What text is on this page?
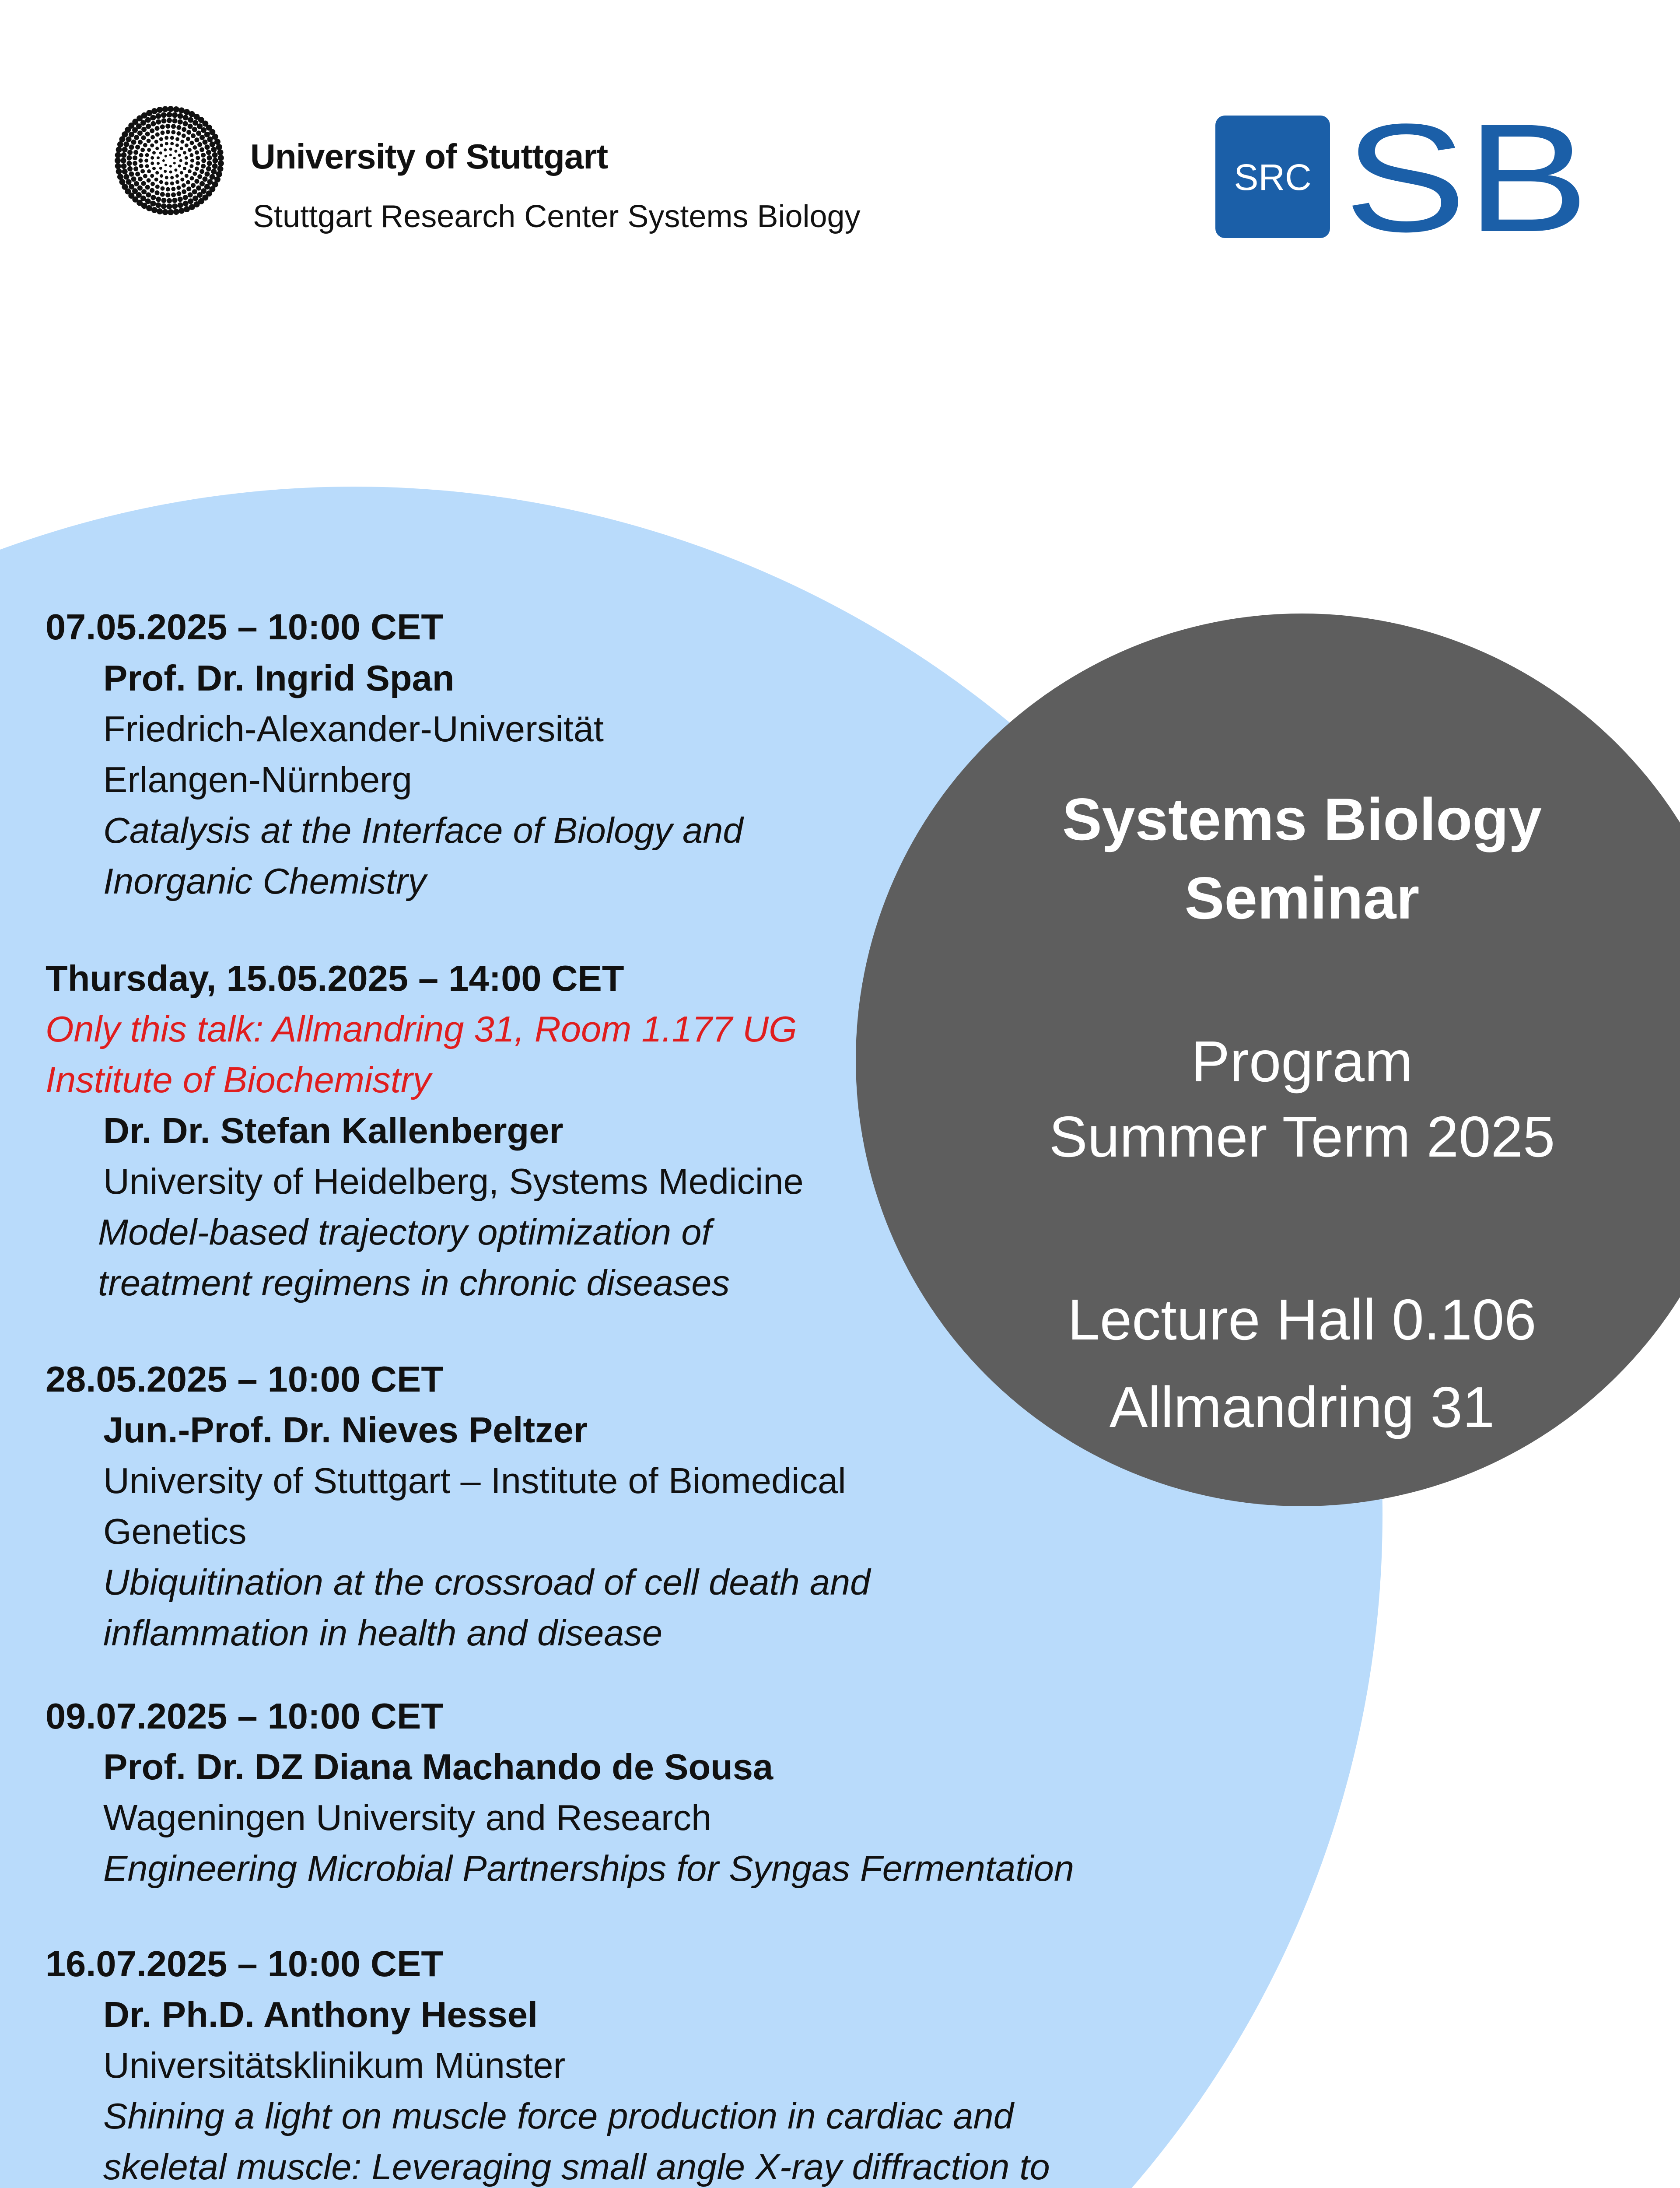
University of Stuttgart
Stuttgart Research Center Systems Biology
SRC SB
Systems Biology
Seminar
Program
Summer Term 2025
Lecture Hall 0.106
Allmandring 31
07.05.2025 – 10:00 CET
Prof. Dr. Ingrid Span
Friedrich-Alexander-Universität
Erlangen-Nürnberg
Catalysis at the Interface of Biology and
Inorganic Chemistry
Thursday, 15.05.2025 – 14:00 CET
Only this talk: Allmandring 31, Room 1.177 UG
Institute of Biochemistry
Dr. Dr. Stefan Kallenberger
University of Heidelberg, Systems Medicine
Model-based trajectory optimization of
treatment regimens in chronic diseases
28.05.2025 – 10:00 CET
Jun.-Prof. Dr. Nieves Peltzer
University of Stuttgart – Institute of Biomedical
Genetics
Ubiquitination at the crossroad of cell death and
inflammation in health and disease
09.07.2025 – 10:00 CET
Prof. Dr. DZ Diana Machando de Sousa
Wageningen University and Research
Engineering Microbial Partnerships for Syngas Fermentation
16.07.2025 – 10:00 CET
Dr. Ph.D. Anthony Hessel
Universitätsklinikum Münster
Shining a light on muscle force production in cardiac and
skeletal muscle: Leveraging small angle X-ray diffraction to
